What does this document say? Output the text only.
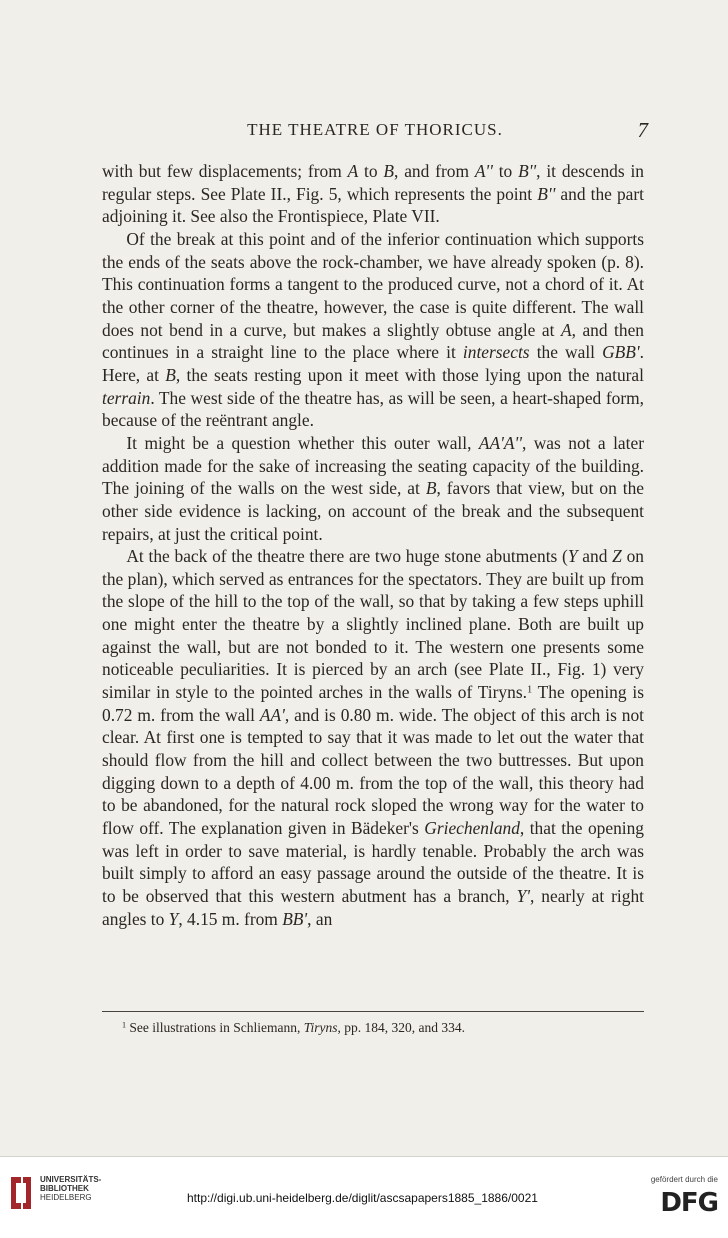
THE THEATRE OF THORICUS.	7

with but few displacements; from A to B, and from A'' to B'', it descends in regular steps. See Plate II., Fig. 5, which represents the point B'' and the part adjoining it. See also the Frontispiece, Plate VII.

Of the break at this point and of the inferior continuation which supports the ends of the seats above the rock-chamber, we have already spoken (p. 8). This continuation forms a tangent to the produced curve, not a chord of it. At the other corner of the theatre, however, the case is quite different. The wall does not bend in a curve, but makes a slightly obtuse angle at A, and then continues in a straight line to the place where it intersects the wall GBB'. Here, at B, the seats resting upon it meet with those lying upon the natural terrain. The west side of the theatre has, as will be seen, a heart-shaped form, because of the reëntrant angle.

It might be a question whether this outer wall, AA'A'', was not a later addition made for the sake of increasing the seating capacity of the building. The joining of the walls on the west side, at B, favors that view, but on the other side evidence is lacking, on account of the break and the subsequent repairs, at just the critical point.

At the back of the theatre there are two huge stone abutments (Y and Z on the plan), which served as entrances for the spectators. They are built up from the slope of the hill to the top of the wall, so that by taking a few steps uphill one might enter the theatre by a slightly inclined plane. Both are built up against the wall, but are not bonded to it. The western one presents some noticeable peculiarities. It is pierced by an arch (see Plate II., Fig. 1) very similar in style to the pointed arches in the walls of Tiryns.$^1$ The opening is 0.72 m. from the wall AA', and is 0.80 m. wide. The object of this arch is not clear. At first one is tempted to say that it was made to let out the water that should flow from the hill and collect between the two buttresses. But upon digging down to a depth of 4.00 m. from the top of the wall, this theory had to be abandoned, for the natural rock sloped the wrong way for the water to flow off. The explanation given in Bädeker's Griechenland, that the opening was left in order to save material, is hardly tenable. Probably the arch was built simply to afford an easy passage around the outside of the theatre. It is to be observed that this western abutment has a branch, Y', nearly at right angles to Y, 4.15 m. from BB', an

$^1$ See illustrations in Schliemann, Tiryns, pp. 184, 320, and 334.
UNIVERSITÄTS-
BIBLIOTHEK
HEIDELBERG	http://digi.ub.uni-heidelberg.de/diglit/ascsapapers1885_1886/0021
gefördert durch die
DFG
